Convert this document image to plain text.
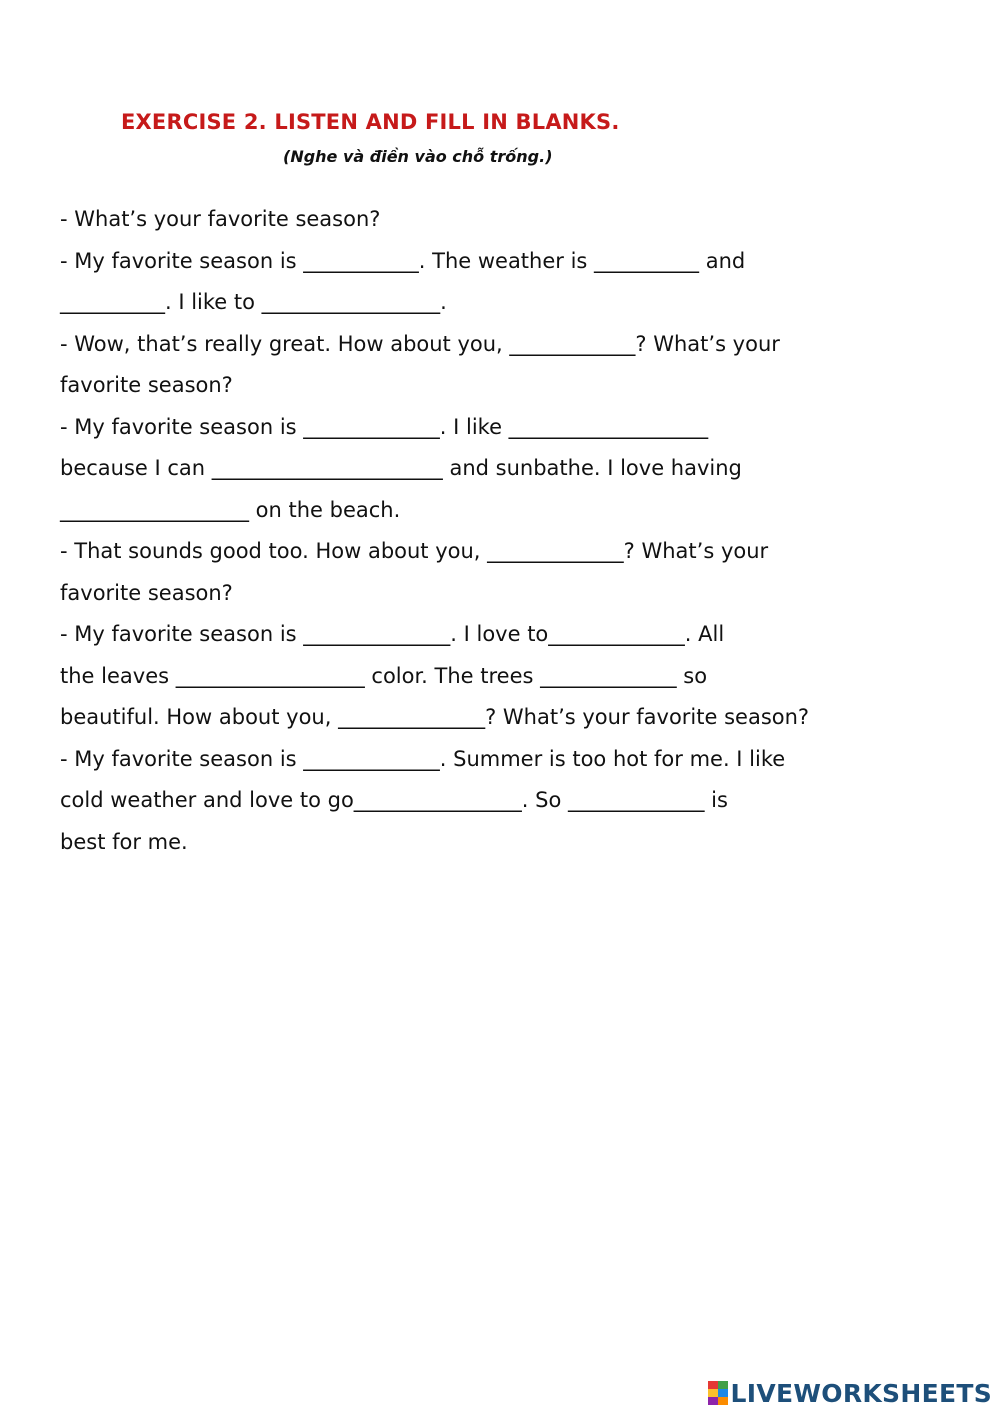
EXERCISE 2. LISTEN AND FILL IN BLANKS.
(Nghe và điền vào chỗ trống.)
- What’s your favorite season?
- My favorite season is ___________. The weather is __________ and
__________. I like to _________________.
- Wow, that’s really great. How about you, ____________? What’s your
favorite season?
- My favorite season is _____________. I like ___________________
because I can ______________________ and sunbathe. I love having
__________________ on the beach.
- That sounds good too. How about you, _____________? What’s your
favorite season?
- My favorite season is ______________. I love to_____________. All
the leaves __________________ color. The trees _____________ so
beautiful. How about you, ______________? What’s your favorite season?
- My favorite season is _____________. Summer is too hot for me. I like
cold weather and love to go________________. So _____________ is
best for me.
LIVEWORKSHEETS
